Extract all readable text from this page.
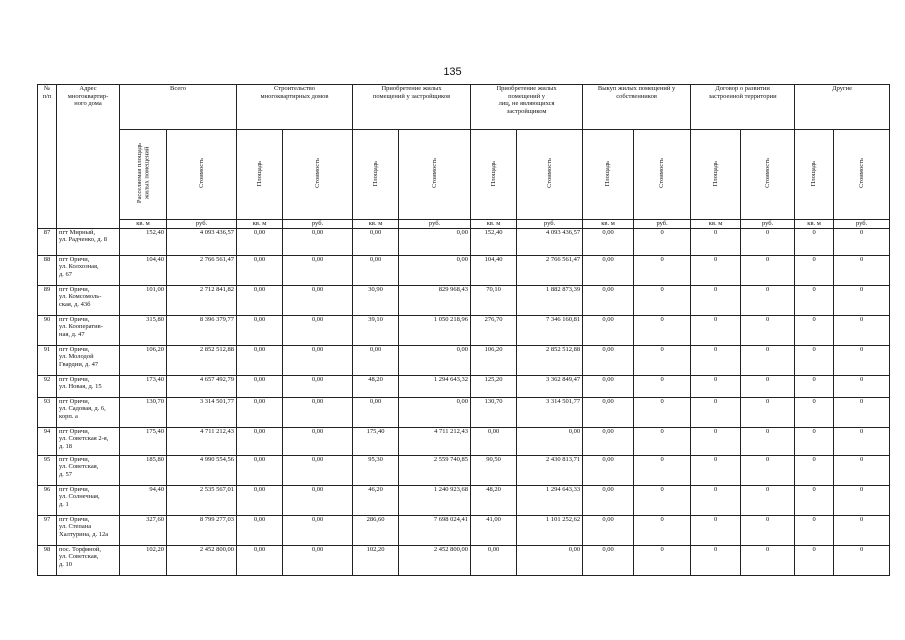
135
№
п/п	Адрес
многоквартир-
ного дома	Всего		Строительство
многоквартирных домов		Приобретение жилых
помещений у застройщиков		Приобретение жилых
помещений у
лиц, не являющихся
застройщиком		Выкуп жилых помещений у
собственников		Договор о развитии
застроенной территории		Другие	
		Расселяемая площадь
жилых помещений	Стоимость	Площадь	Стоимость	Площадь	Стоимость	Площадь	Стоимость	Площадь	Стоимость	Площадь	Стоимость	Площадь	Стоимость
		кв. м	руб.	кв. м	руб.	кв. м	руб.	кв. м	руб.	кв. м	руб.	кв. м	руб.	кв. м	руб.
87	пгт Мирный,
ул. Радченко, д. 8	152,40	4 093 436,57	0,00	0,00	0,00	0,00	152,40	4 093 436,57	0,00	0	0	0	0	0
88	пгт Оричи,
ул. Колхозная,
д. 67	104,40	2 766 561,47	0,00	0,00	0,00	0,00	104,40	2 766 561,47	0,00	0	0	0	0	0
89	пгт Оричи,
ул. Комсомоль-
ская, д. 43б	101,00	2 712 841,82	0,00	0,00	30,90	829 968,43	70,10	1 882 873,39	0,00	0	0	0	0	0
90	пгт Оричи,
ул. Кооператив-
ная, д. 47	315,80	8 396 379,77	0,00	0,00	39,10	1 050 218,96	276,70	7 346 160,81	0,00	0	0	0	0	0
91	пгт Оричи,
ул. Молодой
Гвардии, д. 47	106,20	2 852 512,88	0,00	0,00	0,00	0,00	106,20	2 852 512,88	0,00	0	0	0	0	0
92	пгт Оричи,
ул. Новая, д. 15	173,40	4 657 492,79	0,00	0,00	48,20	1 294 643,32	125,20	3 362 849,47	0,00	0	0	0	0	0
93	пгт Оричи,
ул. Садовая, д. 6,
корп. а	130,70	3 314 501,77	0,00	0,00	0,00	0,00	130,70	3 314 501,77	0,00	0	0	0	0	0
94	пгт Оричи,
ул. Советская 2-я,
д. 18	175,40	4 711 212,43	0,00	0,00	175,40	4 711 212,43	0,00	0,00	0,00	0	0	0	0	0
95	пгт Оричи,
ул. Советская,
д. 57	185,80	4 990 554,56	0,00	0,00	95,30	2 559 740,85	90,50	2 430 813,71	0,00	0	0	0	0	0
96	пгт Оричи,
ул. Солнечная,
д. 1	94,40	2 535 567,01	0,00	0,00	46,20	1 240 923,68	48,20	1 294 643,33	0,00	0	0	0	0	0
97	пгт Оричи,
ул. Степана
Халтурина, д. 12а	327,60	8 799 277,03	0,00	0,00	286,60	7 698 024,41	41,00	1 101 252,62	0,00	0	0	0	0	0
98	пос. Торфяной,
ул. Советская,
д. 10	102,20	2 452 800,00	0,00	0,00	102,20	2 452 800,00	0,00	0,00	0,00	0	0	0	0	0
